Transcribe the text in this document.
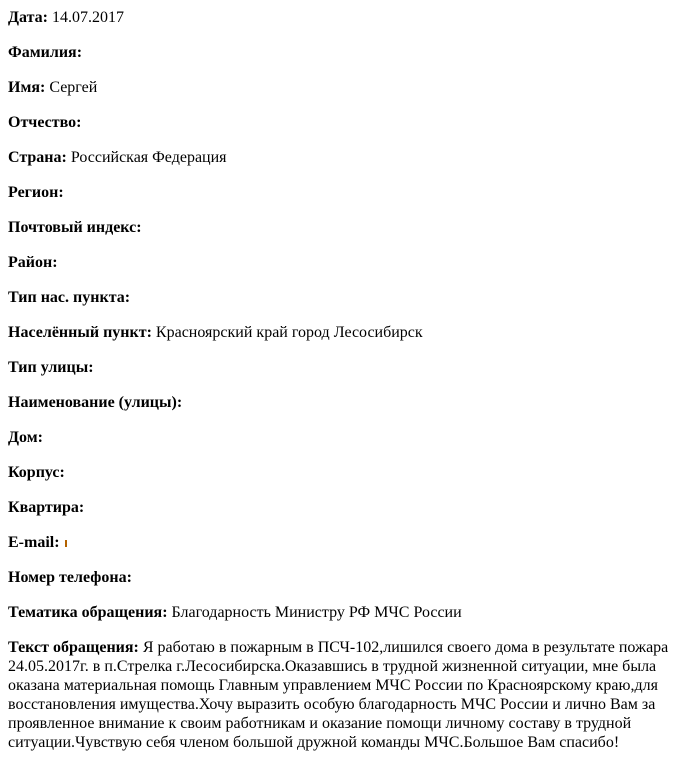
Дата: 14.07.2017

Фамилия:

Имя: Сергей

Отчество:

Страна: Российская Федерация

Регион:

Почтовый индекс:

Район:

Тип нас. пункта:

Населённый пункт: Красноярский край город Лесосибирск

Тип улицы:

Наименование (улицы):

Дом:

Корпус:

Квартира:

E-mail:

Номер телефона:

Тематика обращения: Благодарность Министру РФ МЧС России

Текст обращения: Я работаю в пожарным в ПСЧ-102,лишился своего дома в результате пожара 24.05.2017г. в п.Стрелка г.Лесосибирска.Оказавшись в трудной жизненной ситуации, мне была оказана материальная помощь Главным управлением МЧС России по Красноярскому краю,для восстановления имущества.Хочу выразить особую благодарность МЧС России и лично Вам за проявленное внимание к своим работникам и оказание помощи личному составу в трудной ситуации.Чувствую себя членом большой дружной команды МЧС.Большое Вам спасибо!
